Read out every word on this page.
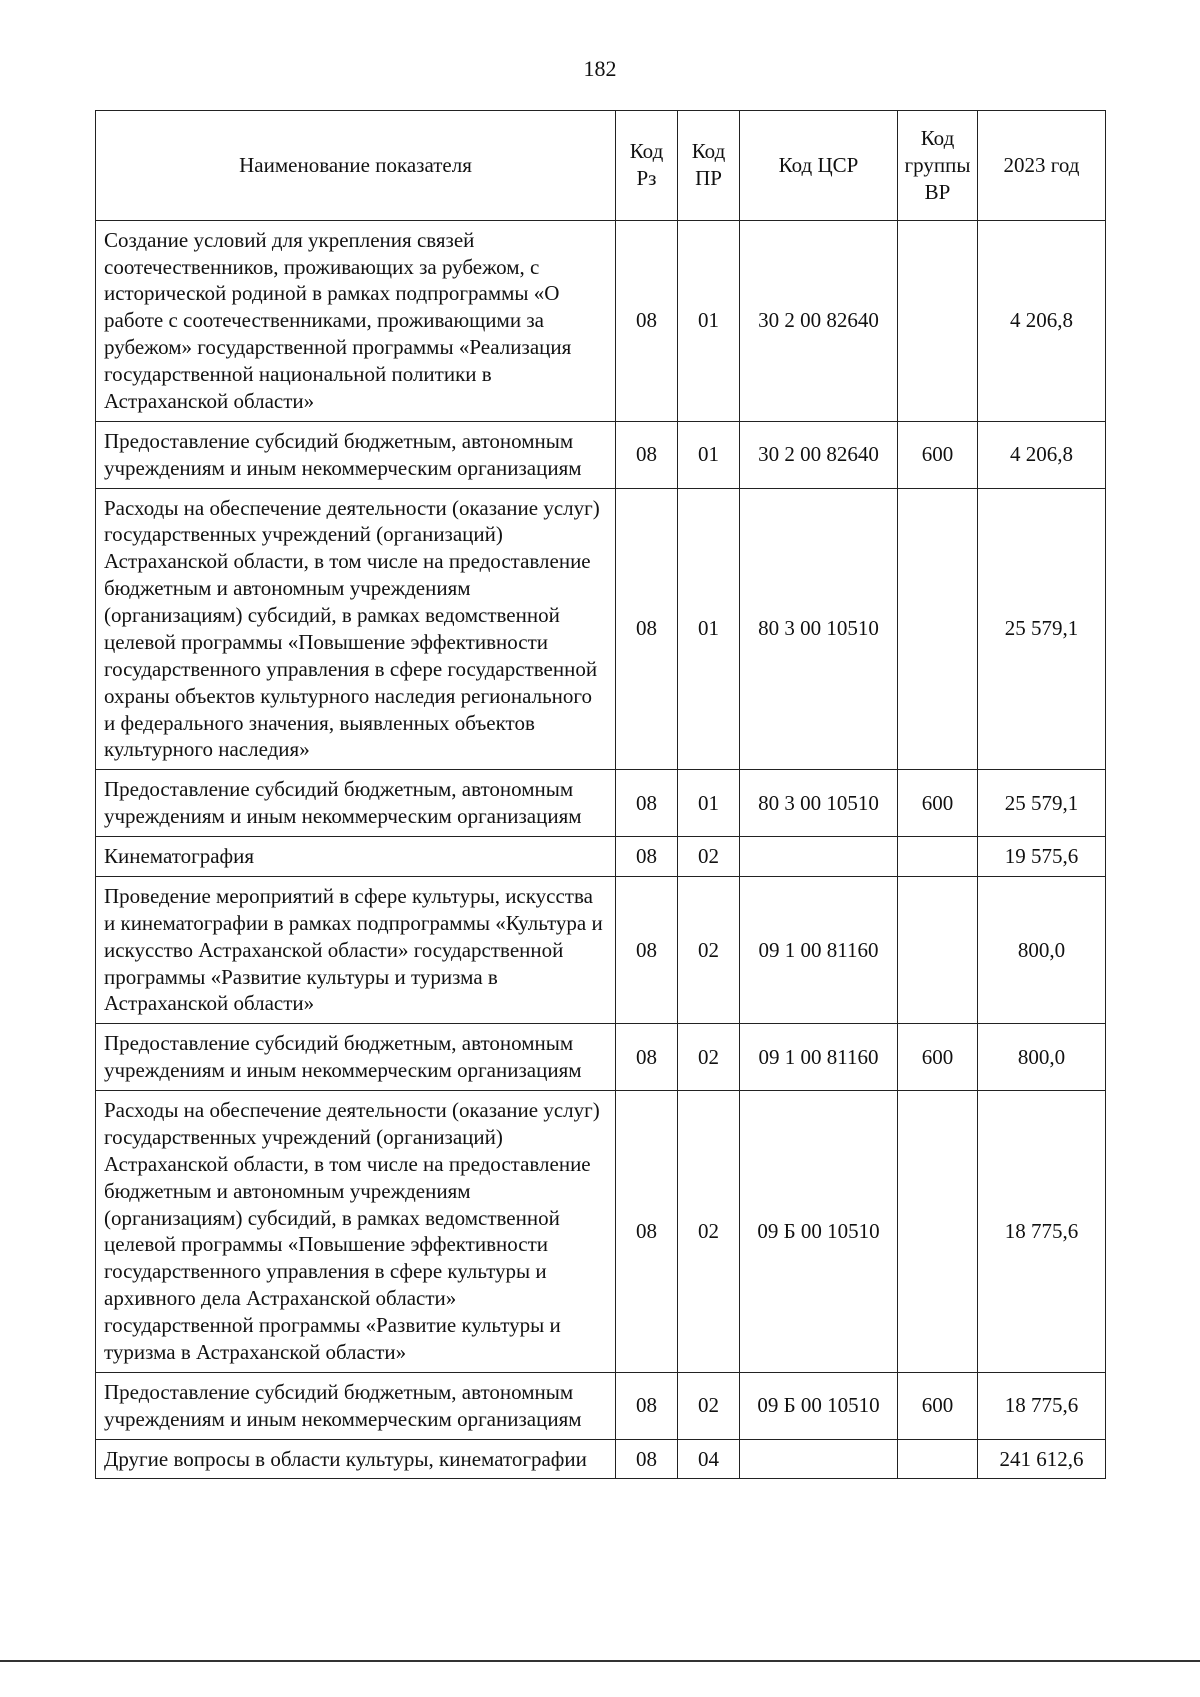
182
Наименование показателя	Код Рз	Код ПР	Код ЦСР	Код группы ВР	2023 год
Создание условий для укрепления связей соотечественников, проживающих за рубежом, с исторической родиной в рамках подпрограммы «О работе с соотечественниками, проживающими за рубежом» государственной программы «Реализация государственной национальной политики в Астраханской области»	08	01	30 2 00 82640		4 206,8
Предоставление субсидий бюджетным, автономным учреждениям и иным некоммерческим организациям	08	01	30 2 00 82640	600	4 206,8
Расходы на обеспечение деятельности (оказание услуг) государственных учреждений (организаций) Астраханской области, в том числе на предоставление бюджетным и автономным учреждениям (организациям) субсидий, в рамках ведомственной целевой программы «Повышение эффективности государственного управления в сфере государственной охраны объектов культурного наследия регионального и федерального значения, выявленных объектов культурного наследия»	08	01	80 3 00 10510		25 579,1
Предоставление субсидий бюджетным, автономным учреждениям и иным некоммерческим организациям	08	01	80 3 00 10510	600	25 579,1
Кинематография	08	02			19 575,6
Проведение мероприятий в сфере культуры, искусства и кинематографии в рамках подпрограммы «Культура и искусство Астраханской области» государственной программы «Развитие культуры и туризма в Астраханской области»	08	02	09 1 00 81160		800,0
Предоставление субсидий бюджетным, автономным учреждениям и иным некоммерческим организациям	08	02	09 1 00 81160	600	800,0
Расходы на обеспечение деятельности (оказание услуг) государственных учреждений (организаций) Астраханской области, в том числе на предоставление бюджетным и автономным учреждениям (организациям) субсидий, в рамках ведомственной целевой программы «Повышение эффективности государственного управления в сфере культуры и архивного дела Астраханской области» государственной программы «Развитие культуры и туризма в Астраханской области»	08	02	09 Б 00 10510		18 775,6
Предоставление субсидий бюджетным, автономным учреждениям и иным некоммерческим организациям	08	02	09 Б 00 10510	600	18 775,6
Другие вопросы в области культуры, кинематографии	08	04			241 612,6
